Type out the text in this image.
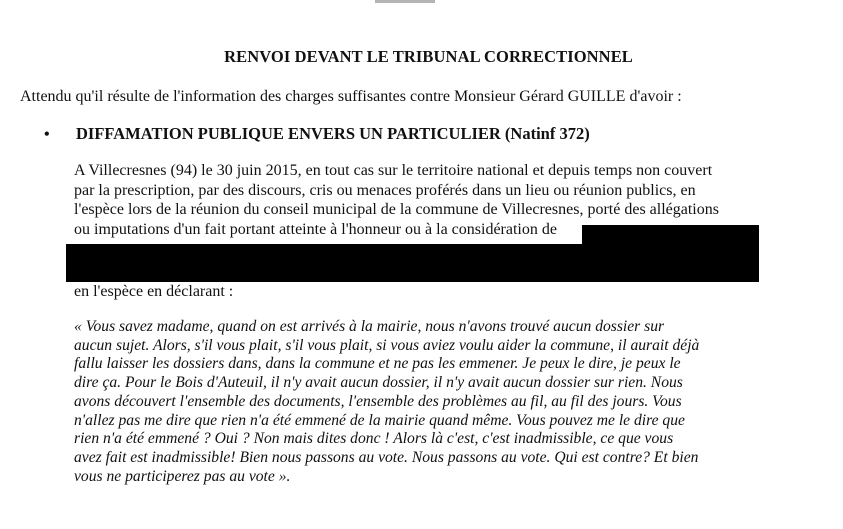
RENVOI DEVANT LE TRIBUNAL CORRECTIONNEL
Attendu qu'il résulte de l'information des charges suffisantes contre Monsieur Gérard GUILLE d'avoir :
• DIFFAMATION PUBLIQUE ENVERS UN PARTICULIER (Natinf 372)
A Villecresnes (94) le 30 juin 2015, en tout cas sur le territoire national et depuis temps non couvert
par la prescription, par des discours, cris ou menaces proférés dans un lieu ou réunion publics, en
l'espèce lors de la réunion du conseil municipal de la commune de Villecresnes, porté des allégations
ou imputations d'un fait portant atteinte à l'honneur ou à la considération de
en l'espèce en déclarant :
« Vous savez madame, quand on est arrivés à la mairie, nous n'avons trouvé aucun dossier sur
aucun sujet. Alors, s'il vous plait, s'il vous plait, si vous aviez voulu aider la commune, il aurait déjà
fallu laisser les dossiers dans, dans la commune et ne pas les emmener. Je peux le dire, je peux le
dire ça. Pour le Bois d'Auteuil, il n'y avait aucun dossier, il n'y avait aucun dossier sur rien. Nous
avons découvert l'ensemble des documents, l'ensemble des problèmes au fil, au fil des jours. Vous
n'allez pas me dire que rien n'a été emmené de la mairie quand même. Vous pouvez me le dire que
rien n'a été emmené ? Oui ? Non mais dites donc ! Alors là c'est, c'est inadmissible, ce que vous
avez fait est inadmissible! Bien nous passons au vote. Nous passons au vote. Qui est contre? Et bien
vous ne participerez pas au vote ».
